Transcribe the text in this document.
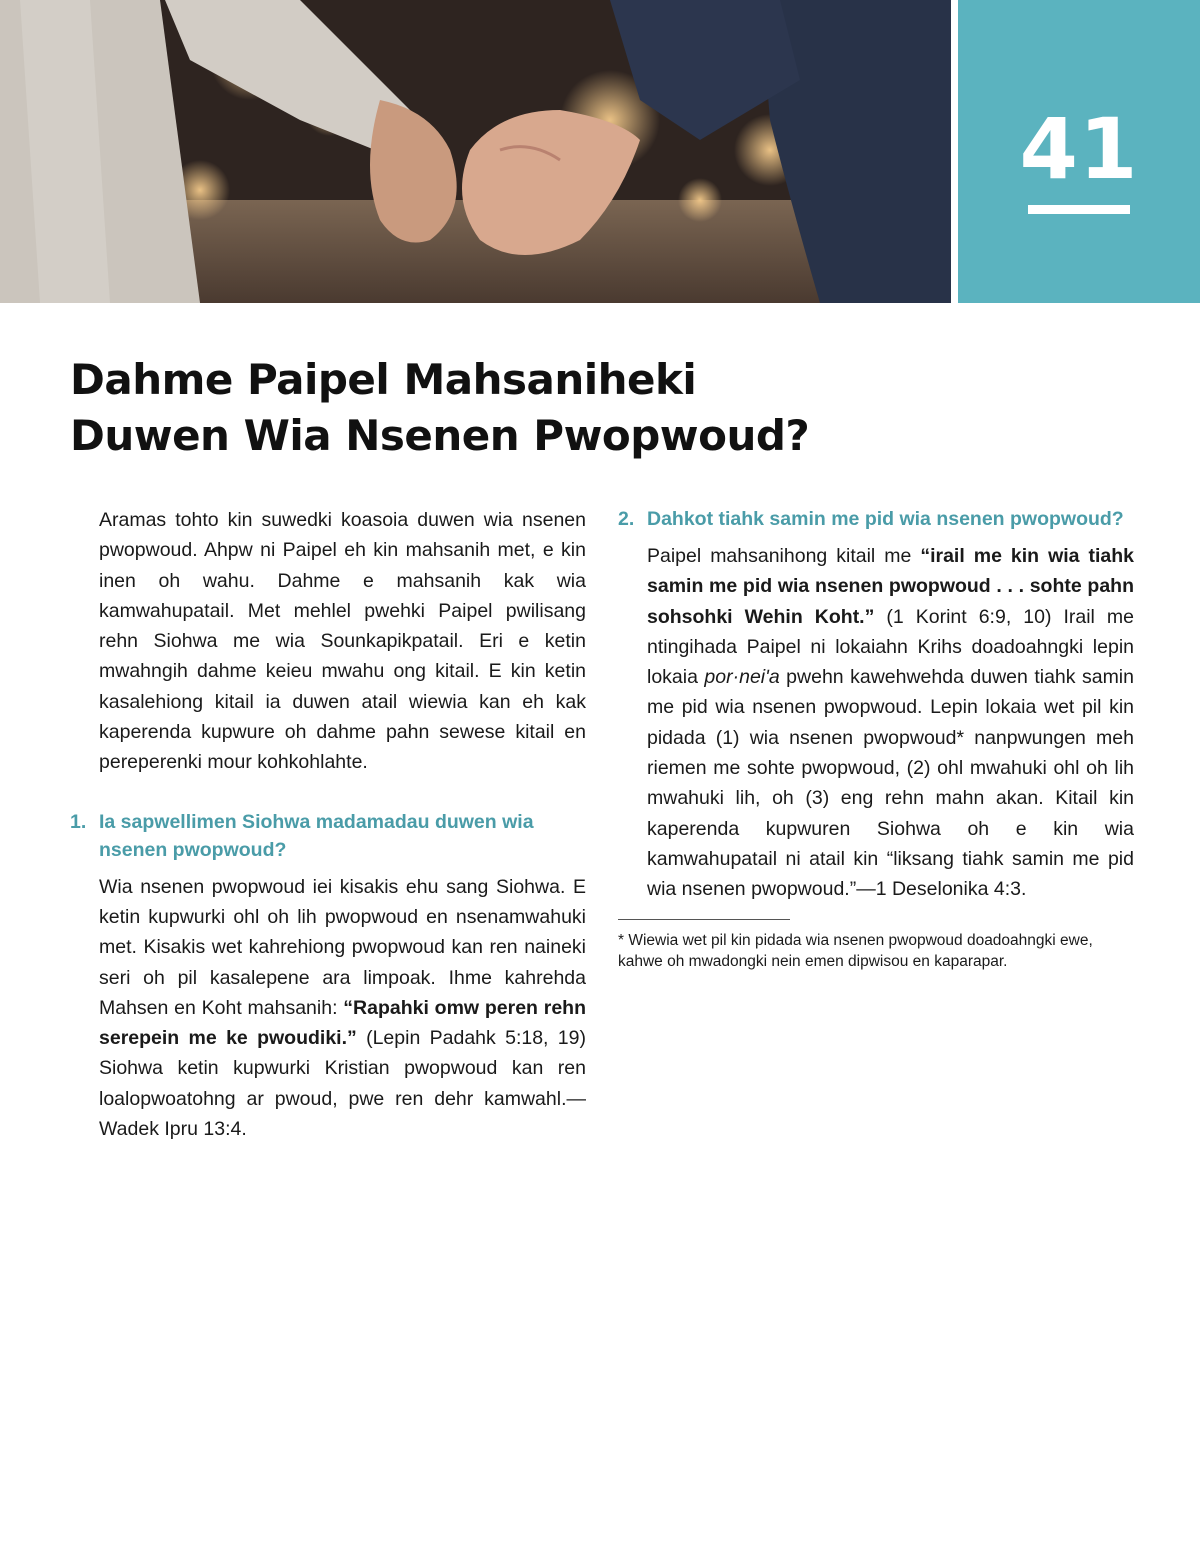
41
Dahme Paipel Mahsaniheki
Duwen Wia Nsenen Pwopwoud?

Aramas tohto kin suwedki koasoia duwen wia nsenen pwopwoud. Ahpw ni Paipel eh kin mahsanih met, e kin inen oh wahu. Dahme e mahsanih kak wia kamwahupatail. Met mehlel pwehki Paipel pwilisang rehn Siohwa me wia Sounkapikpatail. Eri e ketin mwahngih dahme keieu mwahu ong kitail. E kin ketin kasalehiong kitail ia duwen atail wiewia kan eh kak kaperenda kupwure oh dahme pahn sewese kitail en pereperenki mour kohkohlahte.

1. Ia sapwellimen Siohwa madamadau duwen wia nsenen pwopwoud?

Wia nsenen pwopwoud iei kisakis ehu sang Siohwa. E ketin kupwurki ohl oh lih pwopwoud en nsenamwahuki met. Kisakis wet kahrehiong pwopwoud kan ren naineki seri oh pil kasalepene ara limpoak. Ihme kahrehda Mahsen en Koht mahsanih: “Rapahki omw peren rehn serepein me ke pwoudiki.” (Lepin Padahk 5:18, 19) Siohwa ketin kupwurki Kristian pwopwoud kan ren loalopwoatohng ar pwoud, pwe ren dehr kamwahl.—Wadek Ipru 13:4.

2. Dahkot tiahk samin me pid wia nsenen pwopwoud?

Paipel mahsanihong kitail me “irail me kin wia tiahk samin me pid wia nsenen pwopwoud . . . sohte pahn sohsohki Wehin Koht.” (1 Korint 6:9, 10) Irail me ntingihada Paipel ni lokaiahn Krihs doadoahngki lepin lokaia por·neiʹa pwehn kawehwehda duwen tiahk samin me pid wia nsenen pwopwoud. Lepin lokaia wet pil kin pidada (1) wia nsenen pwopwoud* nanpwungen meh riemen me sohte pwopwoud, (2) ohl mwahuki ohl oh lih mwahuki lih, oh (3) eng rehn mahn akan. Kitail kin kaperenda kupwuren Siohwa oh e kin wia kamwahupatail ni atail kin “liksang tiahk samin me pid wia nsenen pwopwoud.”—1 Deselonika 4:3.

* Wiewia wet pil kin pidada wia nsenen pwopwoud doadoahngki ewe, kahwe oh mwadongki nein emen dipwisou en kaparapar.
